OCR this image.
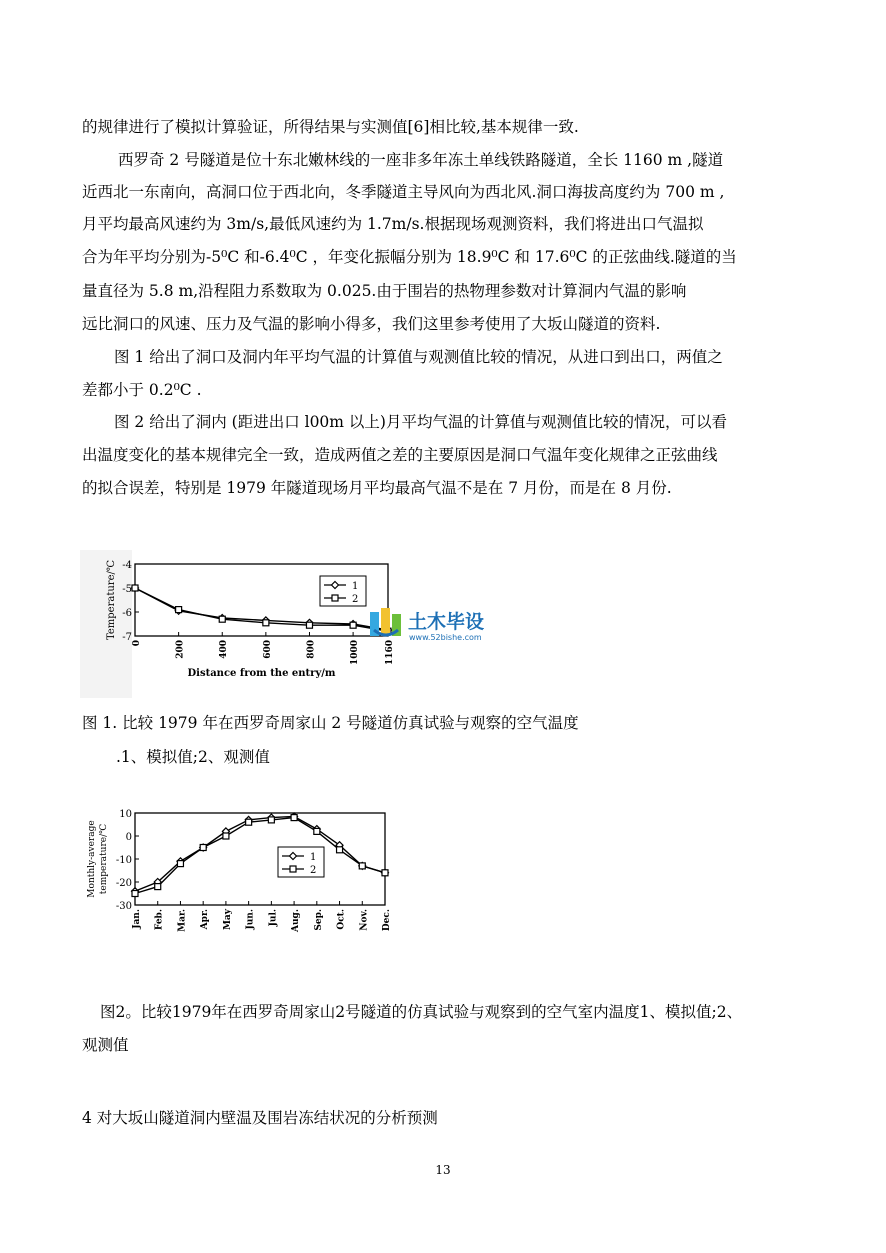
的规律进行了模拟计算验证，所得结果与实测值[6]相比较,基本规律一致.
西罗奇 2 号隧道是位十东北嫩林线的一座非多年冻土单线铁路隧道，全长 1160 m ,隧道
近西北一东南向，高洞口位于西北向，冬季隧道主导风向为西北风.洞口海拔高度约为 700 m ,
月平均最高风速约为 3m/s,最低风速约为 1.7m/s.根据现场观测资料，我们将进出口气温拟
合为年平均分别为-5⁰C 和-6.4⁰C ，年变化振幅分别为 18.9⁰C 和 17.6⁰C 的正弦曲线.隧道的当
量直径为 5.8 m,沿程阻力系数取为 0.025.由于围岩的热物理参数对计算洞内气温的影响
远比洞口的风速、压力及气温的影响小得多，我们这里参考使用了大坂山隧道的资料.
图 1 给出了洞口及洞内年平均气温的计算值与观测值比较的情况，从进口到出口，两值之
差都小于 0.2⁰C .
图 2 给出了洞内 (距进出口 l00m 以上)月平均气温的计算值与观测值比较的情况，可以看
出温度变化的基本规律完全一致，造成两值之差的主要原因是洞口气温年变化规律之正弦曲线
的拟合误差，特别是 1979 年隧道现场月平均最高气温不是在 7 月份，而是在 8 月份.
-4
-5
-6
-7
0	200	400	600	800	1000	1160
Distance from the entry/m
Temperature/℃	1
2
土木毕设
www.52bishe.com
图 1. 比较 1979 年在西罗奇周家山 2 号隧道仿真试验与观察的空气温度
.1、模拟值;2、观测值
10
0
-10
-20
-30
Jan. Feb. Mar. Apr. May Jun. Jul. Aug. Sep. Oct. Nov. Dec.
Monthly-average temperature/℃	1
2
图2。比较1979年在西罗奇周家山2号隧道的仿真试验与观察到的空气室内温度1、模拟值;2、
观测值
4 对大坂山隧道洞内壁温及围岩冻结状况的分析预测
13
